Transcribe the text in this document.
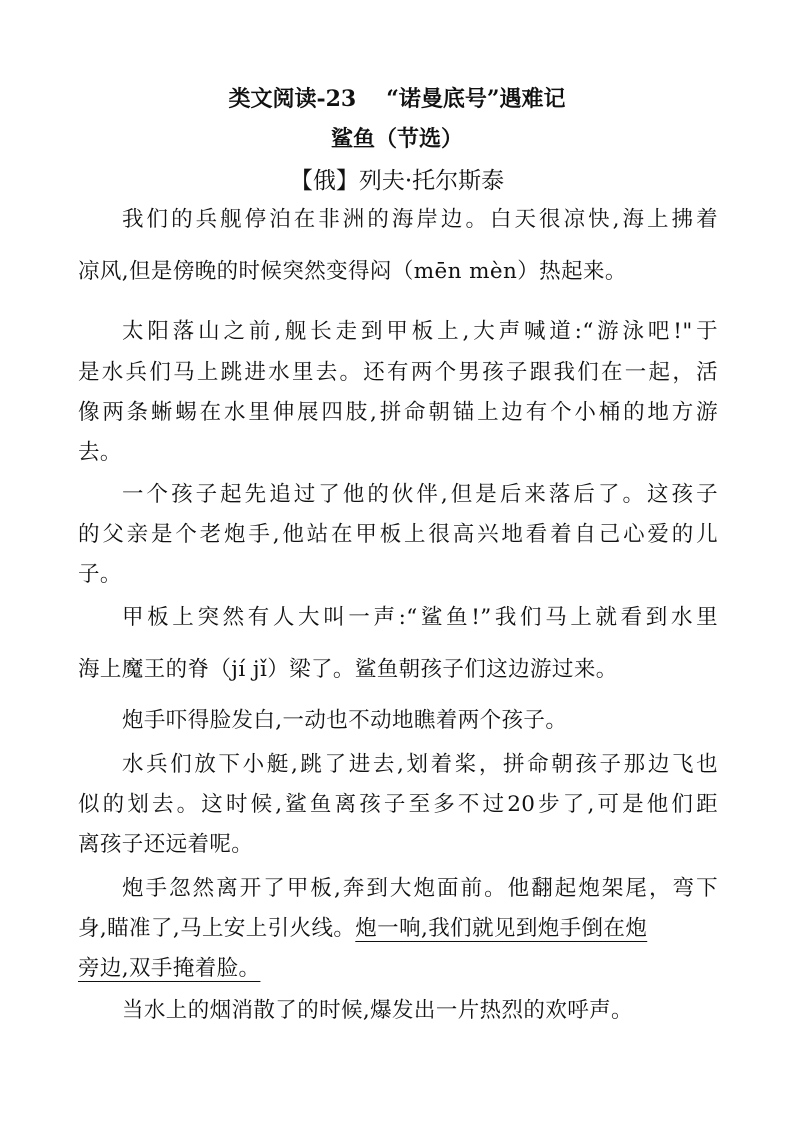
类文阅读-23 “诺曼底号”遇难记
鲨鱼（节选）
【俄】列夫·托尔斯泰
我们的兵舰停泊在非洲的海岸边。白天很凉快,海上拂着
凉风,但是傍晚的时候突然变得闷（mēn mèn）热起来。
太阳落山之前,舰长走到甲板上,大声喊道:“游泳吧!"于
是水兵们马上跳进水里去。还有两个男孩子跟我们在一起，活
像两条蜥蜴在水里伸展四肢,拼命朝锚上边有个小桶的地方游
去。
一个孩子起先追过了他的伙伴,但是后来落后了。这孩子
的父亲是个老炮手,他站在甲板上很高兴地看着自己心爱的儿
子。
甲板上突然有人大叫一声:“鲨鱼!”我们马上就看到水里
海上魔王的脊（jí jǐ）梁了。鲨鱼朝孩子们这边游过来。
炮手吓得脸发白,一动也不动地瞧着两个孩子。
水兵们放下小艇,跳了进去,划着桨，拼命朝孩子那边飞也
似的划去。这时候,鲨鱼离孩子至多不过20步了,可是他们距
离孩子还远着呢。
炮手忽然离开了甲板,奔到大炮面前。他翻起炮架尾，弯下
身,瞄准了,马上安上引火线。炮一响,我们就见到炮手倒在炮
旁边,双手掩着脸。
当水上的烟消散了的时候,爆发出一片热烈的欢呼声。
